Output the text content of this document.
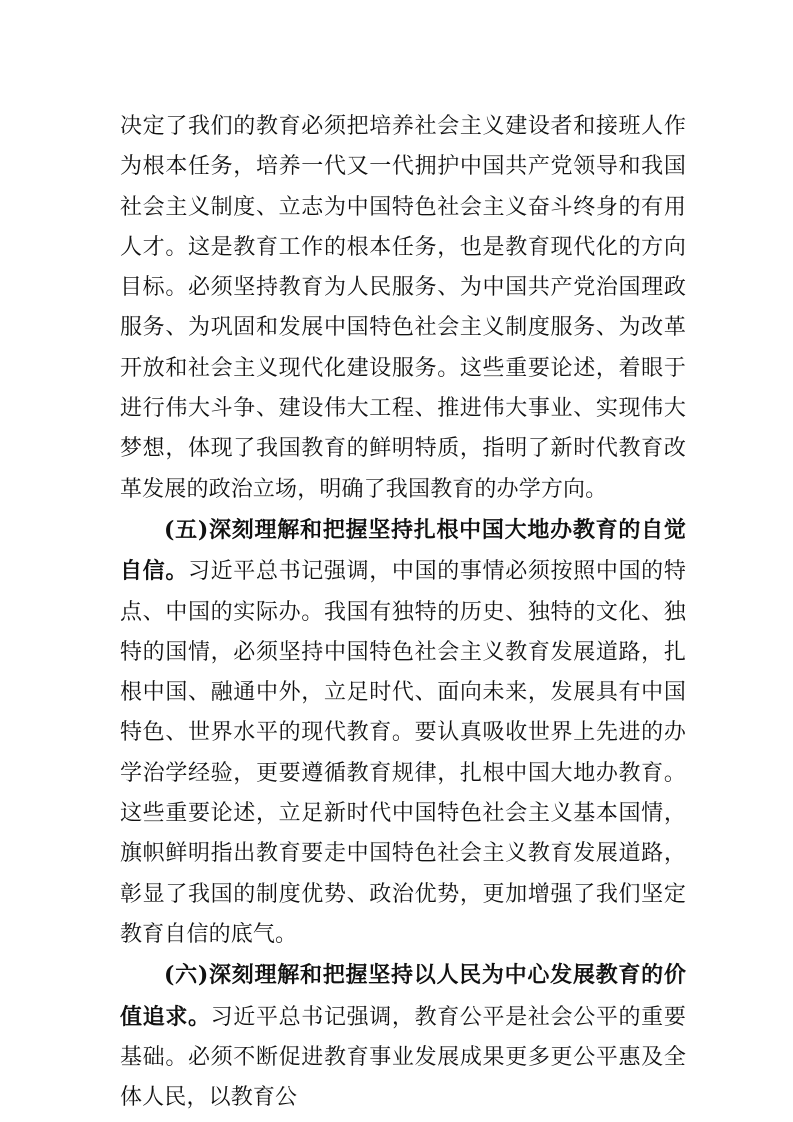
决定了我们的教育必须把培养社会主义建设者和接班人作为根本任务，培养一代又一代拥护中国共产党领导和我国社会主义制度、立志为中国特色社会主义奋斗终身的有用人才。这是教育工作的根本任务，也是教育现代化的方向目标。必须坚持教育为人民服务、为中国共产党治国理政服务、为巩固和发展中国特色社会主义制度服务、为改革开放和社会主义现代化建设服务。这些重要论述，着眼于进行伟大斗争、建设伟大工程、推进伟大事业、实现伟大梦想，体现了我国教育的鲜明特质，指明了新时代教育改革发展的政治立场，明确了我国教育的办学方向。

(五)深刻理解和把握坚持扎根中国大地办教育的自觉自信。习近平总书记强调，中国的事情必须按照中国的特点、中国的实际办。我国有独特的历史、独特的文化、独特的国情，必须坚持中国特色社会主义教育发展道路，扎根中国、融通中外，立足时代、面向未来，发展具有中国特色、世界水平的现代教育。要认真吸收世界上先进的办学治学经验，更要遵循教育规律，扎根中国大地办教育。这些重要论述，立足新时代中国特色社会主义基本国情，旗帜鲜明指出教育要走中国特色社会主义教育发展道路，彰显了我国的制度优势、政治优势，更加增强了我们坚定教育自信的底气。

(六)深刻理解和把握坚持以人民为中心发展教育的价值追求。习近平总书记强调，教育公平是社会公平的重要基础。必须不断促进教育事业发展成果更多更公平惠及全体人民，以教育公
